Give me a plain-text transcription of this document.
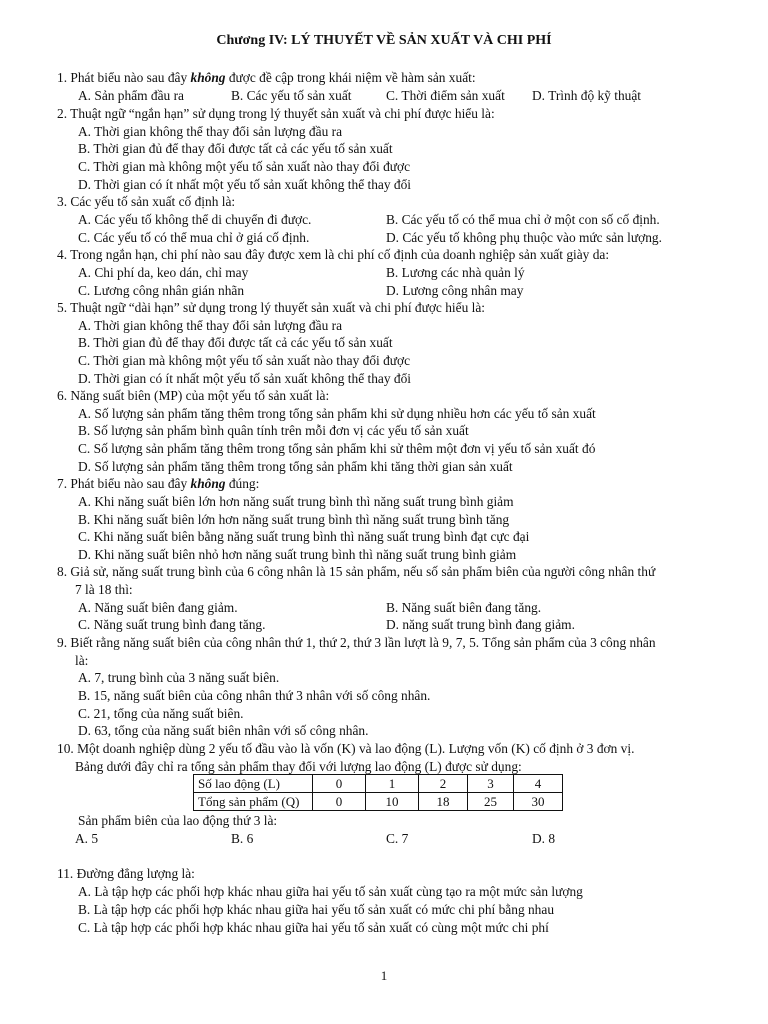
Chương IV: LÝ THUYẾT VỀ SẢN XUẤT VÀ CHI PHÍ
1. Phát biểu nào sau đây không được đề cập trong khái niệm về hàm sản xuất:
A. Sản phẩm đầu ra	B. Các yếu tố sản xuất	C. Thời điểm sản xuất D. Trình độ kỹ thuật
2. Thuật ngữ “ngắn hạn” sử dụng trong lý thuyết sản xuất và chi phí được hiểu là:
A. Thời gian không thể thay đổi sản lượng đầu ra
B. Thời gian đủ để thay đổi được tất cả các yếu tố sản xuất
C. Thời gian mà không một yếu tố sản xuất nào thay đổi được
D. Thời gian có ít nhất một yếu tố sản xuất không thể thay đổi
3. Các yếu tố sản xuất cố định là:
A. Các yếu tố không thể di chuyển đi được.	B. Các yếu tố có thể mua chỉ ở một con số cố định.
C. Các yếu tố có thể mua chỉ ở giá cố định.	D. Các yếu tố không phụ thuộc vào mức sản lượng.
4. Trong ngắn hạn, chi phí nào sau đây được xem là chi phí cố định của doanh nghiệp sản xuất giày da:
A. Chi phí da, keo dán, chỉ may	B. Lương các nhà quản lý
C. Lương công nhân gián nhãn	D. Lương công nhân may
5. Thuật ngữ “dài hạn” sử dụng trong lý thuyết sản xuất và chi phí được hiểu là:
A. Thời gian không thể thay đổi sản lượng đầu ra
B. Thời gian đủ để thay đổi được tất cả các yếu tố sản xuất
C. Thời gian mà không một yếu tố sản xuất nào thay đổi được
D. Thời gian có ít nhất một yếu tố sản xuất không thể thay đổi
6. Năng suất biên (MP) của một yếu tố sản xuất là:
A. Số lượng sản phẩm tăng thêm trong tổng sản phẩm khi sử dụng nhiều hơn các yếu tố sản xuất
B. Số lượng sản phẩm bình quân tính trên mỗi đơn vị các yếu tố sản xuất
C. Số lượng sản phẩm tăng thêm trong tổng sản phẩm khi sử thêm một đơn vị yếu tố sản xuất đó
D. Số lượng sản phẩm tăng thêm trong tổng sản phẩm khi tăng thời gian sản xuất
7. Phát biểu nào sau đây không đúng:
A. Khi năng suất biên lớn hơn năng suất trung bình thì năng suất trung bình giảm
B. Khi năng suất biên lớn hơn năng suất trung bình thì năng suất trung bình tăng
C. Khi năng suất biên bằng năng suất trung bình thì năng suất trung bình đạt cực đại
D. Khi năng suất biên nhỏ hơn năng suất trung bình thì năng suất trung bình giảm
8. Giả sử, năng suất trung bình của 6 công nhân là 15 sản phẩm, nếu số sản phẩm biên của người công nhân thứ
7 là 18 thì:
A. Năng suất biên đang giảm.	B. Năng suất biên đang tăng.
C. Năng suất trung bình đang tăng.	D. năng suất trung bình đang giảm.
9. Biết rằng năng suất biên của công nhân thứ 1, thứ 2, thứ 3 lần lượt là 9, 7, 5. Tổng sản phẩm của 3 công nhân
là:
A. 7, trung bình của 3 năng suất biên.
B. 15, năng suất biên của công nhân thứ 3 nhân với số công nhân.
C. 21, tổng của năng suất biên.
D. 63, tổng của năng suất biên nhân với số công nhân.
10. Một doanh nghiệp dùng 2 yếu tố đầu vào là vốn (K) và lao động (L). Lượng vốn (K) cố định ở 3 đơn vị.
Bảng dưới đây chỉ ra tổng sản phẩm thay đổi với lượng lao động (L) được sử dụng:
Số lao động (L)	0	1	2	3	4
Tổng sản phẩm (Q)	0	10	18	25	30
Sản phẩm biên của lao động thứ 3 là:
A. 5	B. 6	C. 7	D. 8
11. Đường đẳng lượng là:
A. Là tập hợp các phối hợp khác nhau giữa hai yếu tố sản xuất cùng tạo ra một mức sản lượng
B. Là tập hợp các phối hợp khác nhau giữa hai yếu tố sản xuất có mức chi phí bằng nhau
C. Là tập hợp các phối hợp khác nhau giữa hai yếu tố sản xuất có cùng một mức chi phí
1
